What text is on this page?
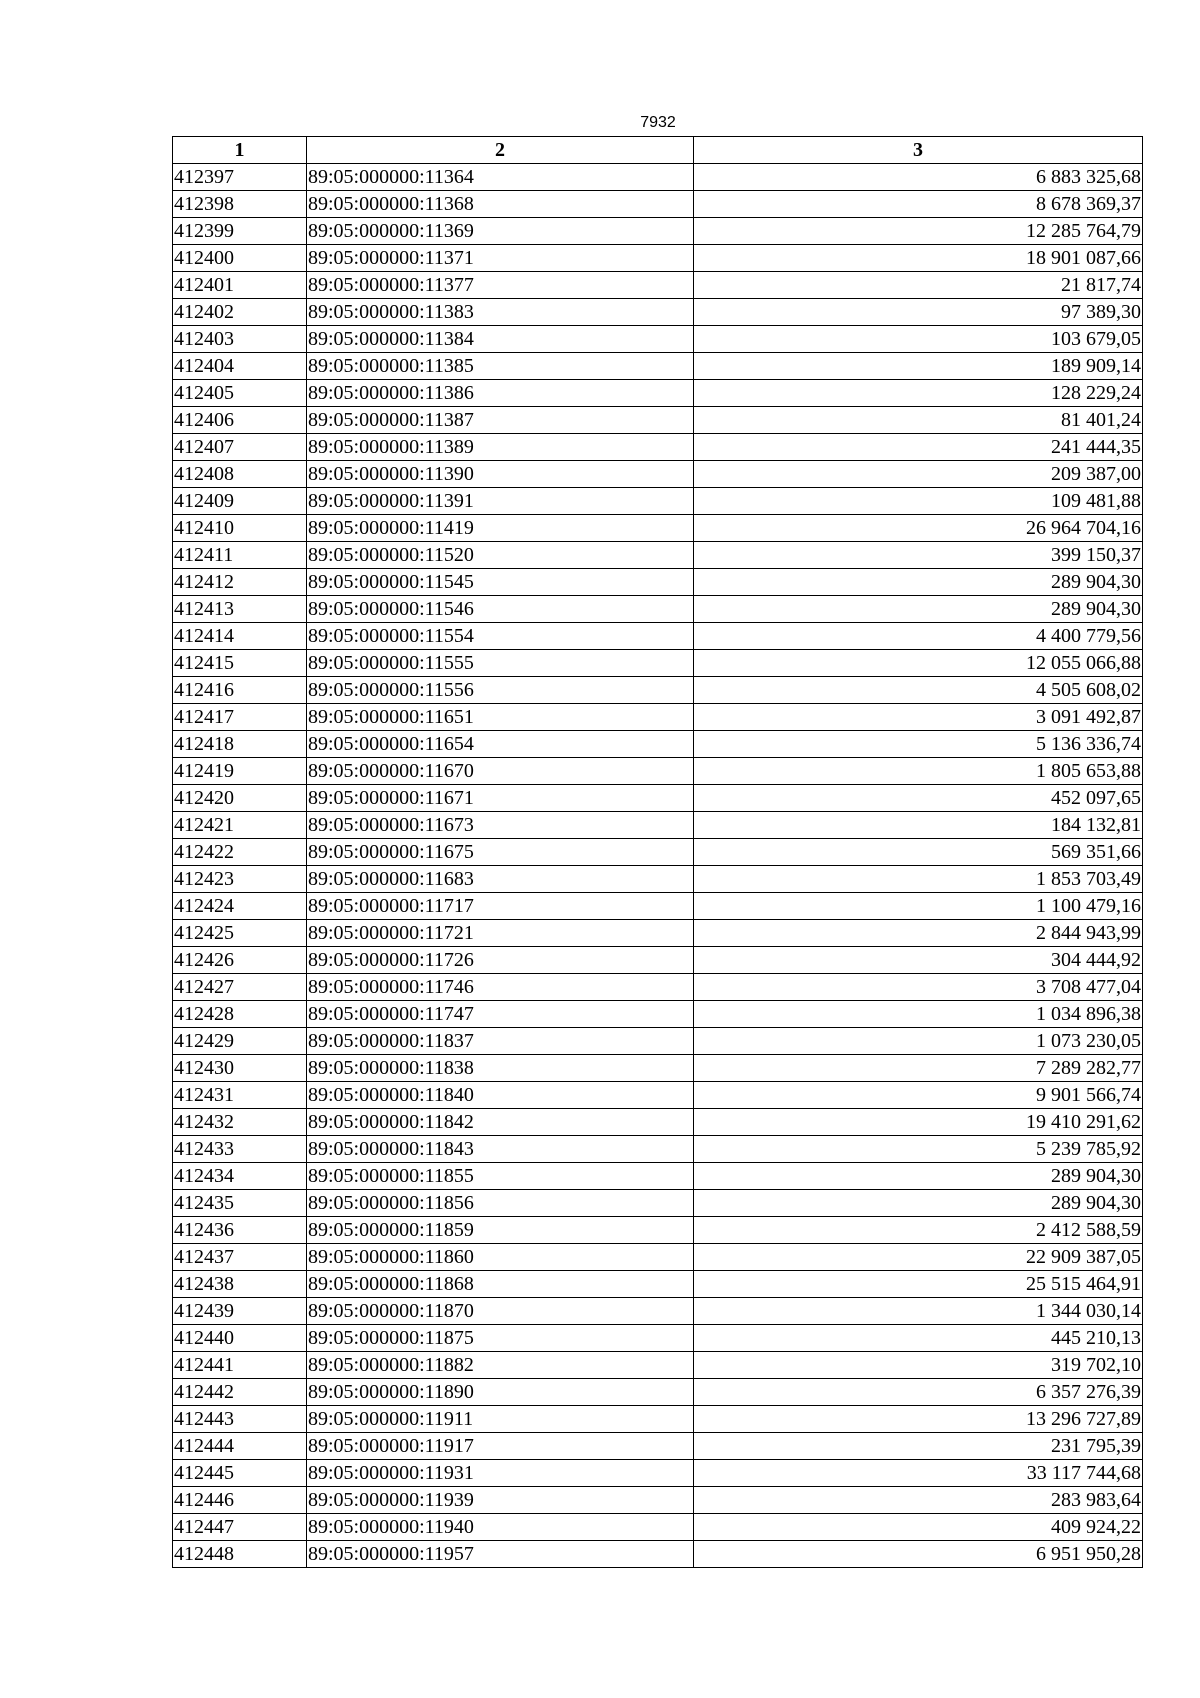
7932
1	2	3
412397	89:05:000000:11364	6 883 325,68
412398	89:05:000000:11368	8 678 369,37
412399	89:05:000000:11369	12 285 764,79
412400	89:05:000000:11371	18 901 087,66
412401	89:05:000000:11377	21 817,74
412402	89:05:000000:11383	97 389,30
412403	89:05:000000:11384	103 679,05
412404	89:05:000000:11385	189 909,14
412405	89:05:000000:11386	128 229,24
412406	89:05:000000:11387	81 401,24
412407	89:05:000000:11389	241 444,35
412408	89:05:000000:11390	209 387,00
412409	89:05:000000:11391	109 481,88
412410	89:05:000000:11419	26 964 704,16
412411	89:05:000000:11520	399 150,37
412412	89:05:000000:11545	289 904,30
412413	89:05:000000:11546	289 904,30
412414	89:05:000000:11554	4 400 779,56
412415	89:05:000000:11555	12 055 066,88
412416	89:05:000000:11556	4 505 608,02
412417	89:05:000000:11651	3 091 492,87
412418	89:05:000000:11654	5 136 336,74
412419	89:05:000000:11670	1 805 653,88
412420	89:05:000000:11671	452 097,65
412421	89:05:000000:11673	184 132,81
412422	89:05:000000:11675	569 351,66
412423	89:05:000000:11683	1 853 703,49
412424	89:05:000000:11717	1 100 479,16
412425	89:05:000000:11721	2 844 943,99
412426	89:05:000000:11726	304 444,92
412427	89:05:000000:11746	3 708 477,04
412428	89:05:000000:11747	1 034 896,38
412429	89:05:000000:11837	1 073 230,05
412430	89:05:000000:11838	7 289 282,77
412431	89:05:000000:11840	9 901 566,74
412432	89:05:000000:11842	19 410 291,62
412433	89:05:000000:11843	5 239 785,92
412434	89:05:000000:11855	289 904,30
412435	89:05:000000:11856	289 904,30
412436	89:05:000000:11859	2 412 588,59
412437	89:05:000000:11860	22 909 387,05
412438	89:05:000000:11868	25 515 464,91
412439	89:05:000000:11870	1 344 030,14
412440	89:05:000000:11875	445 210,13
412441	89:05:000000:11882	319 702,10
412442	89:05:000000:11890	6 357 276,39
412443	89:05:000000:11911	13 296 727,89
412444	89:05:000000:11917	231 795,39
412445	89:05:000000:11931	33 117 744,68
412446	89:05:000000:11939	283 983,64
412447	89:05:000000:11940	409 924,22
412448	89:05:000000:11957	6 951 950,28
